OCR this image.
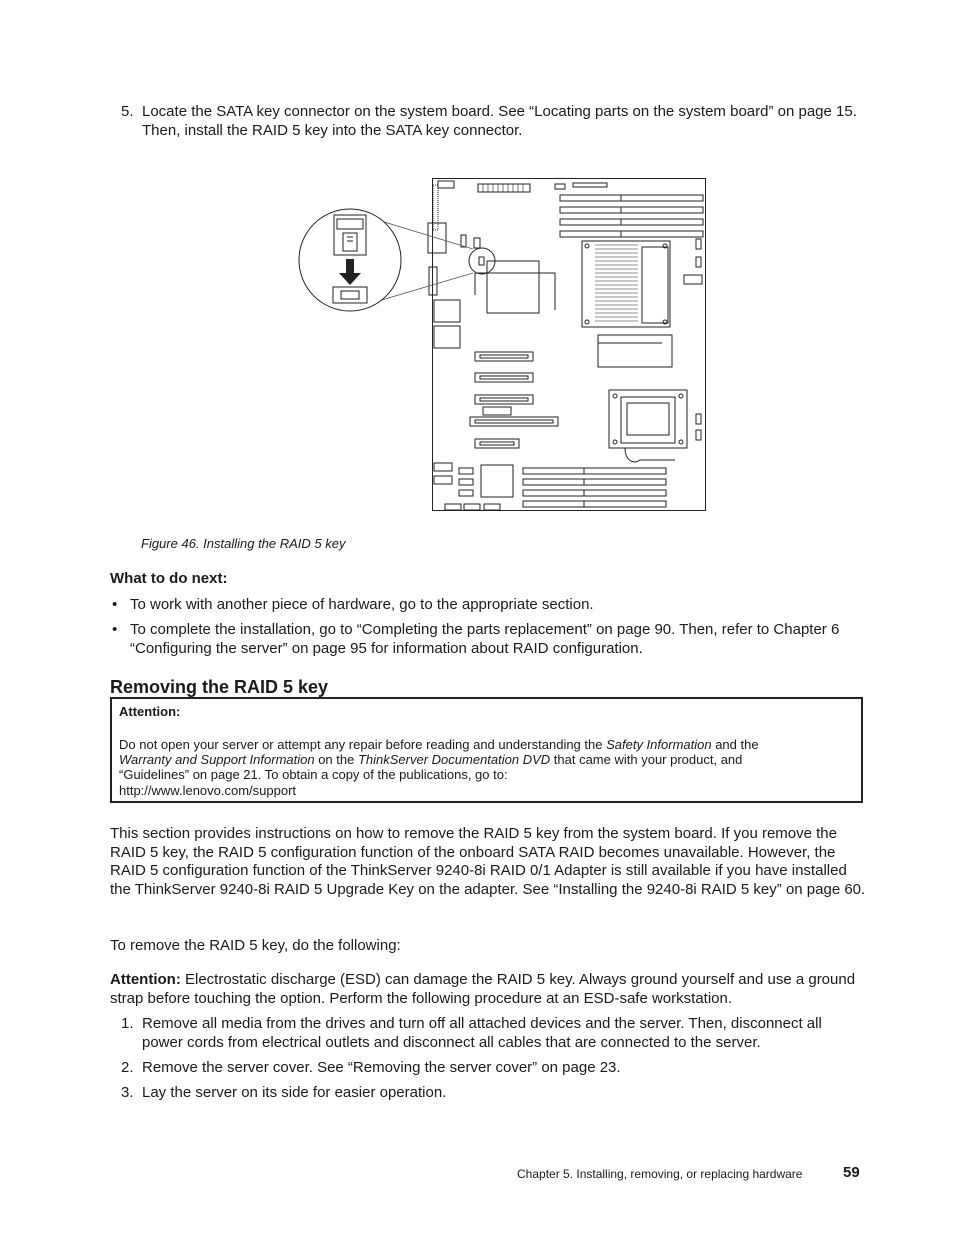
5. Locate the SATA key connector on the system board. See “Locating parts on the system board” on page 15. Then, install the RAID 5 key into the SATA key connector.
Figure 46. Installing the RAID 5 key
What to do next:
• To work with another piece of hardware, go to the appropriate section.
• To complete the installation, go to “Completing the parts replacement” on page 90. Then, refer to Chapter 6 “Configuring the server” on page 95 for information about RAID configuration.
Removing the RAID 5 key
Attention:
Do not open your server or attempt any repair before reading and understanding the Safety Information and the
Warranty and Support Information on the ThinkServer Documentation DVD that came with your product, and
“Guidelines” on page 21. To obtain a copy of the publications, go to:
http://www.lenovo.com/support
This section provides instructions on how to remove the RAID 5 key from the system board. If you remove the RAID 5 key, the RAID 5 configuration function of the onboard SATA RAID becomes unavailable. However, the RAID 5 configuration function of the ThinkServer 9240-8i RAID 0/1 Adapter is still available if you have installed the ThinkServer 9240-8i RAID 5 Upgrade Key on the adapter. See “Installing the 9240-8i RAID 5 key” on page 60.
To remove the RAID 5 key, do the following:
Attention: Electrostatic discharge (ESD) can damage the RAID 5 key. Always ground yourself and use a ground strap before touching the option. Perform the following procedure at an ESD-safe workstation.
1. Remove all media from the drives and turn off all attached devices and the server. Then, disconnect all power cords from electrical outlets and disconnect all cables that are connected to the server.
2. Remove the server cover. See “Removing the server cover” on page 23.
3. Lay the server on its side for easier operation.
Chapter 5. Installing, removing, or replacing hardware	59
